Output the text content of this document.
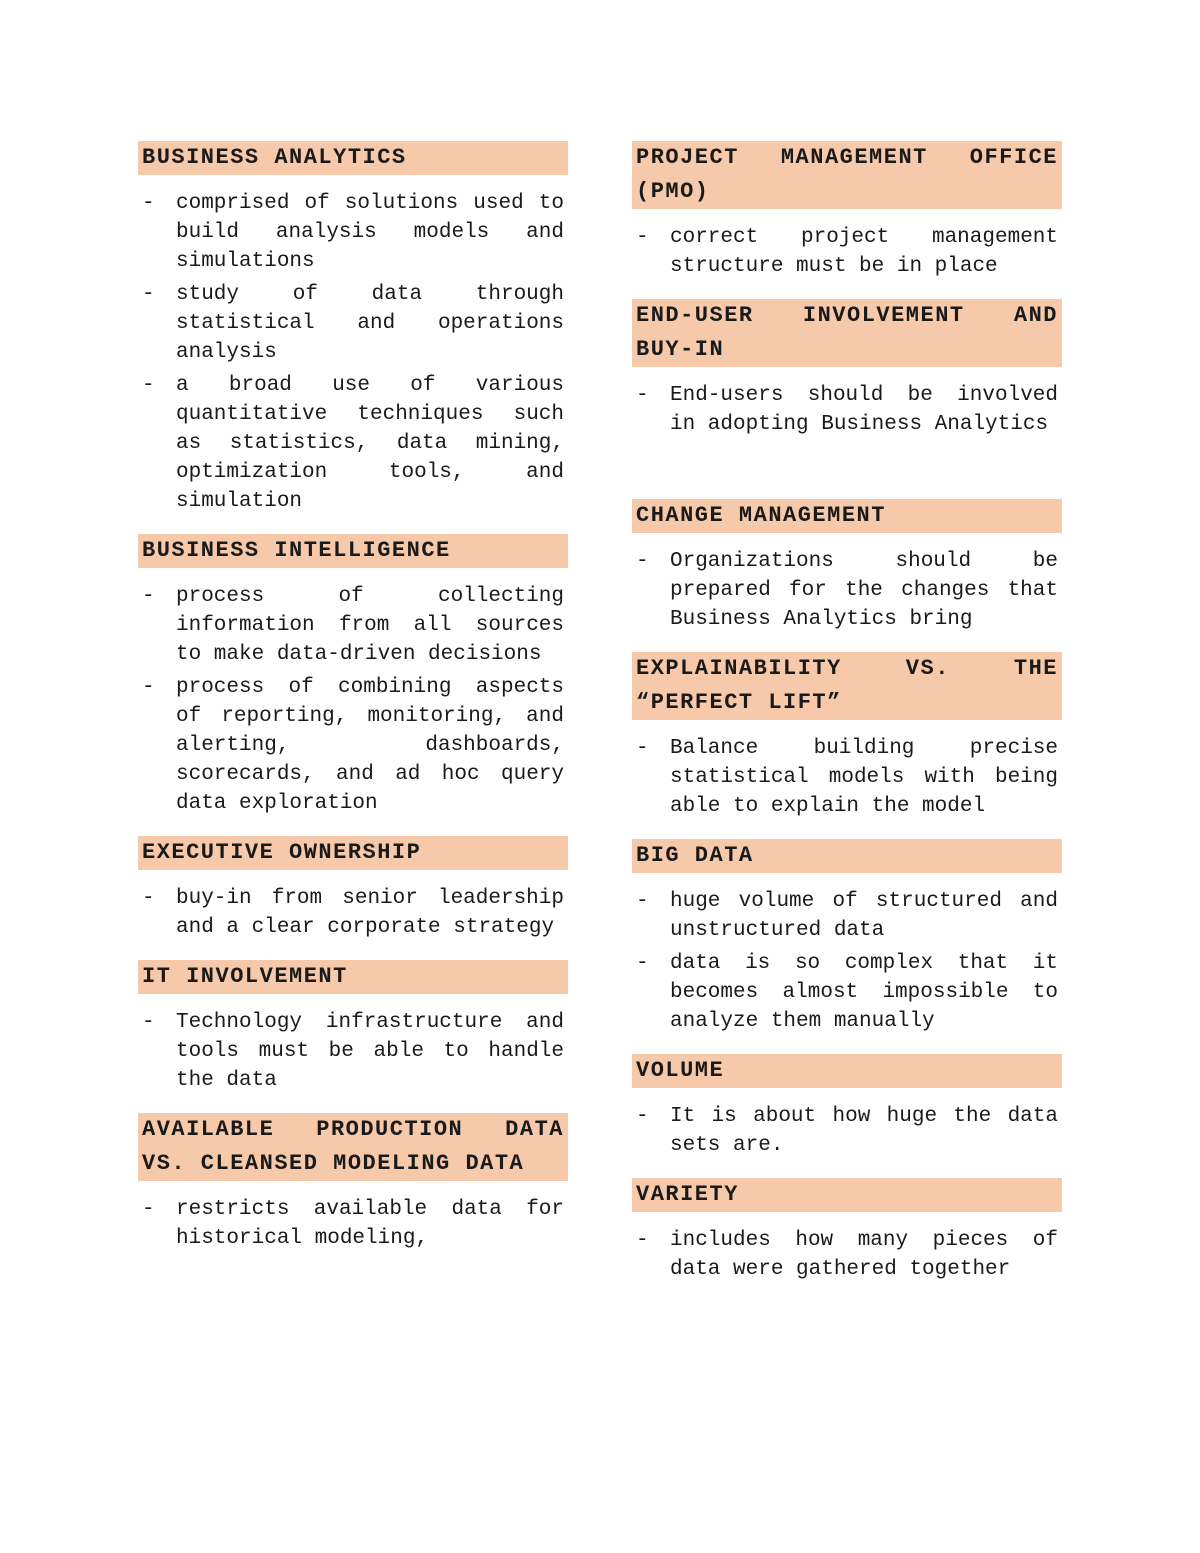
BUSINESS ANALYTICS
- comprised of solutions used to build analysis models and simulations
- study of data through statistical and operations analysis
- a broad use of various quantitative techniques such as statistics, data mining, optimization tools, and simulation
BUSINESS INTELLIGENCE
- process of collecting information from all sources to make data-driven decisions
- process of combining aspects of reporting, monitoring, and alerting, dashboards, scorecards, and ad hoc query data exploration
EXECUTIVE OWNERSHIP
- buy-in from senior leadership and a clear corporate strategy
IT INVOLVEMENT
- Technology infrastructure and tools must be able to handle the data
AVAILABLE PRODUCTION DATA VS. CLEANSED MODELING DATA
- restricts available data for historical modeling,
PROJECT MANAGEMENT OFFICE (PMO)
- correct project management structure must be in place
END-USER INVOLVEMENT AND BUY-IN
- End-users should be involved in adopting Business Analytics
CHANGE MANAGEMENT
- Organizations should be prepared for the changes that Business Analytics bring
EXPLAINABILITY VS. THE “PERFECT LIFT”
- Balance building precise statistical models with being able to explain the model
BIG DATA
- huge volume of structured and unstructured data
- data is so complex that it becomes almost impossible to analyze them manually
VOLUME
- It is about how huge the data sets are.
VARIETY
- includes how many pieces of data were gathered together
